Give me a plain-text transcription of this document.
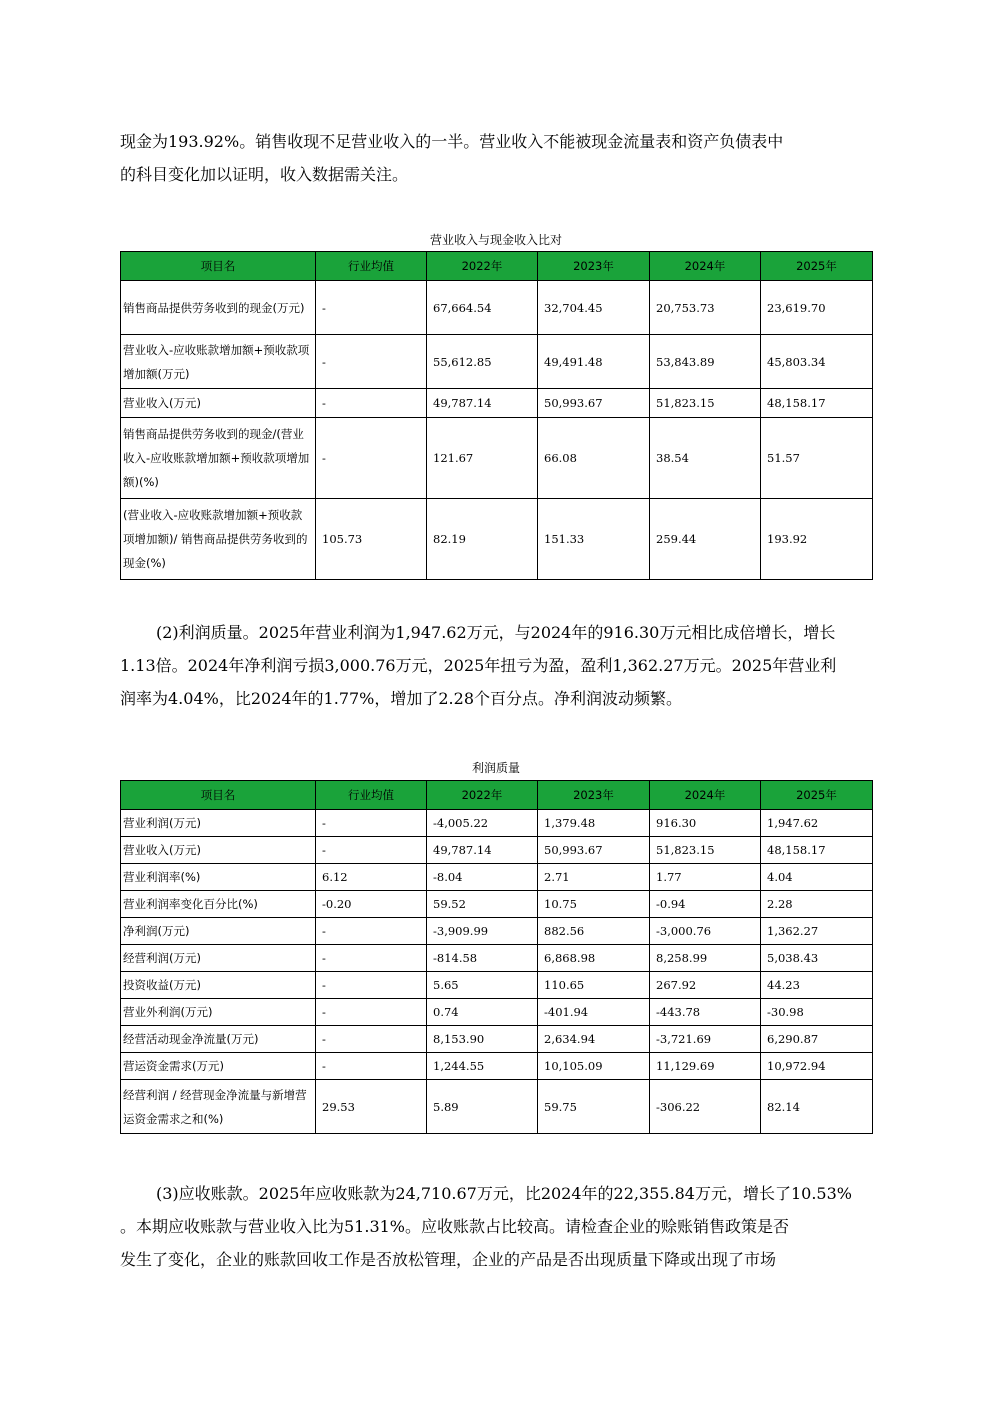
现金为193.92%。销售收现不足营业收入的一半。营业收入不能被现金流量表和资产负债表中

的科目变化加以证明，收入数据需关注。

营业收入与现金收入比对
项目名	行业均值	2022年	2023年	2024年	2025年
销售商品提供劳务收到的现金(万元)	-	67,664.54	32,704.45	20,753.73	23,619.70
营业收入-应收账款增加额+预收款项增加额(万元)	-	55,612.85	49,491.48	53,843.89	45,803.34
营业收入(万元)	-	49,787.14	50,993.67	51,823.15	48,158.17
销售商品提供劳务收到的现金/(营业收入-应收账款增加额+预收款项增加额)(%)	-	121.67	66.08	38.54	51.57
(营业收入-应收账款增加额+预收款项增加额)/ 销售商品提供劳务收到的现金(%)	105.73	82.19	151.33	259.44	193.92

(2)利润质量。2025年营业利润为1,947.62万元，与2024年的916.30万元相比成倍增长，增长

1.13倍。2024年净利润亏损3,000.76万元，2025年扭亏为盈，盈利1,362.27万元。2025年营业利

润率为4.04%，比2024年的1.77%，增加了2.28个百分点。净利润波动频繁。

利润质量
项目名	行业均值	2022年	2023年	2024年	2025年
营业利润(万元)	-	-4,005.22	1,379.48	916.30	1,947.62
营业收入(万元)	-	49,787.14	50,993.67	51,823.15	48,158.17
营业利润率(%)	6.12	-8.04	2.71	1.77	4.04
营业利润率变化百分比(%)	-0.20	59.52	10.75	-0.94	2.28
净利润(万元)	-	-3,909.99	882.56	-3,000.76	1,362.27
经营利润(万元)	-	-814.58	6,868.98	8,258.99	5,038.43
投资收益(万元)	-	5.65	110.65	267.92	44.23
营业外利润(万元)	-	0.74	-401.94	-443.78	-30.98
经营活动现金净流量(万元)	-	8,153.90	2,634.94	-3,721.69	6,290.87
营运资金需求(万元)	-	1,244.55	10,105.09	11,129.69	10,972.94
经营利润 / 经营现金净流量与新增营运资金需求之和(%)	29.53	5.89	59.75	-306.22	82.14

(3)应收账款。2025年应收账款为24,710.67万元，比2024年的22,355.84万元，增长了10.53%

。本期应收账款与营业收入比为51.31%。应收账款占比较高。请检查企业的赊账销售政策是否

发生了变化，企业的账款回收工作是否放松管理，企业的产品是否出现质量下降或出现了市场
